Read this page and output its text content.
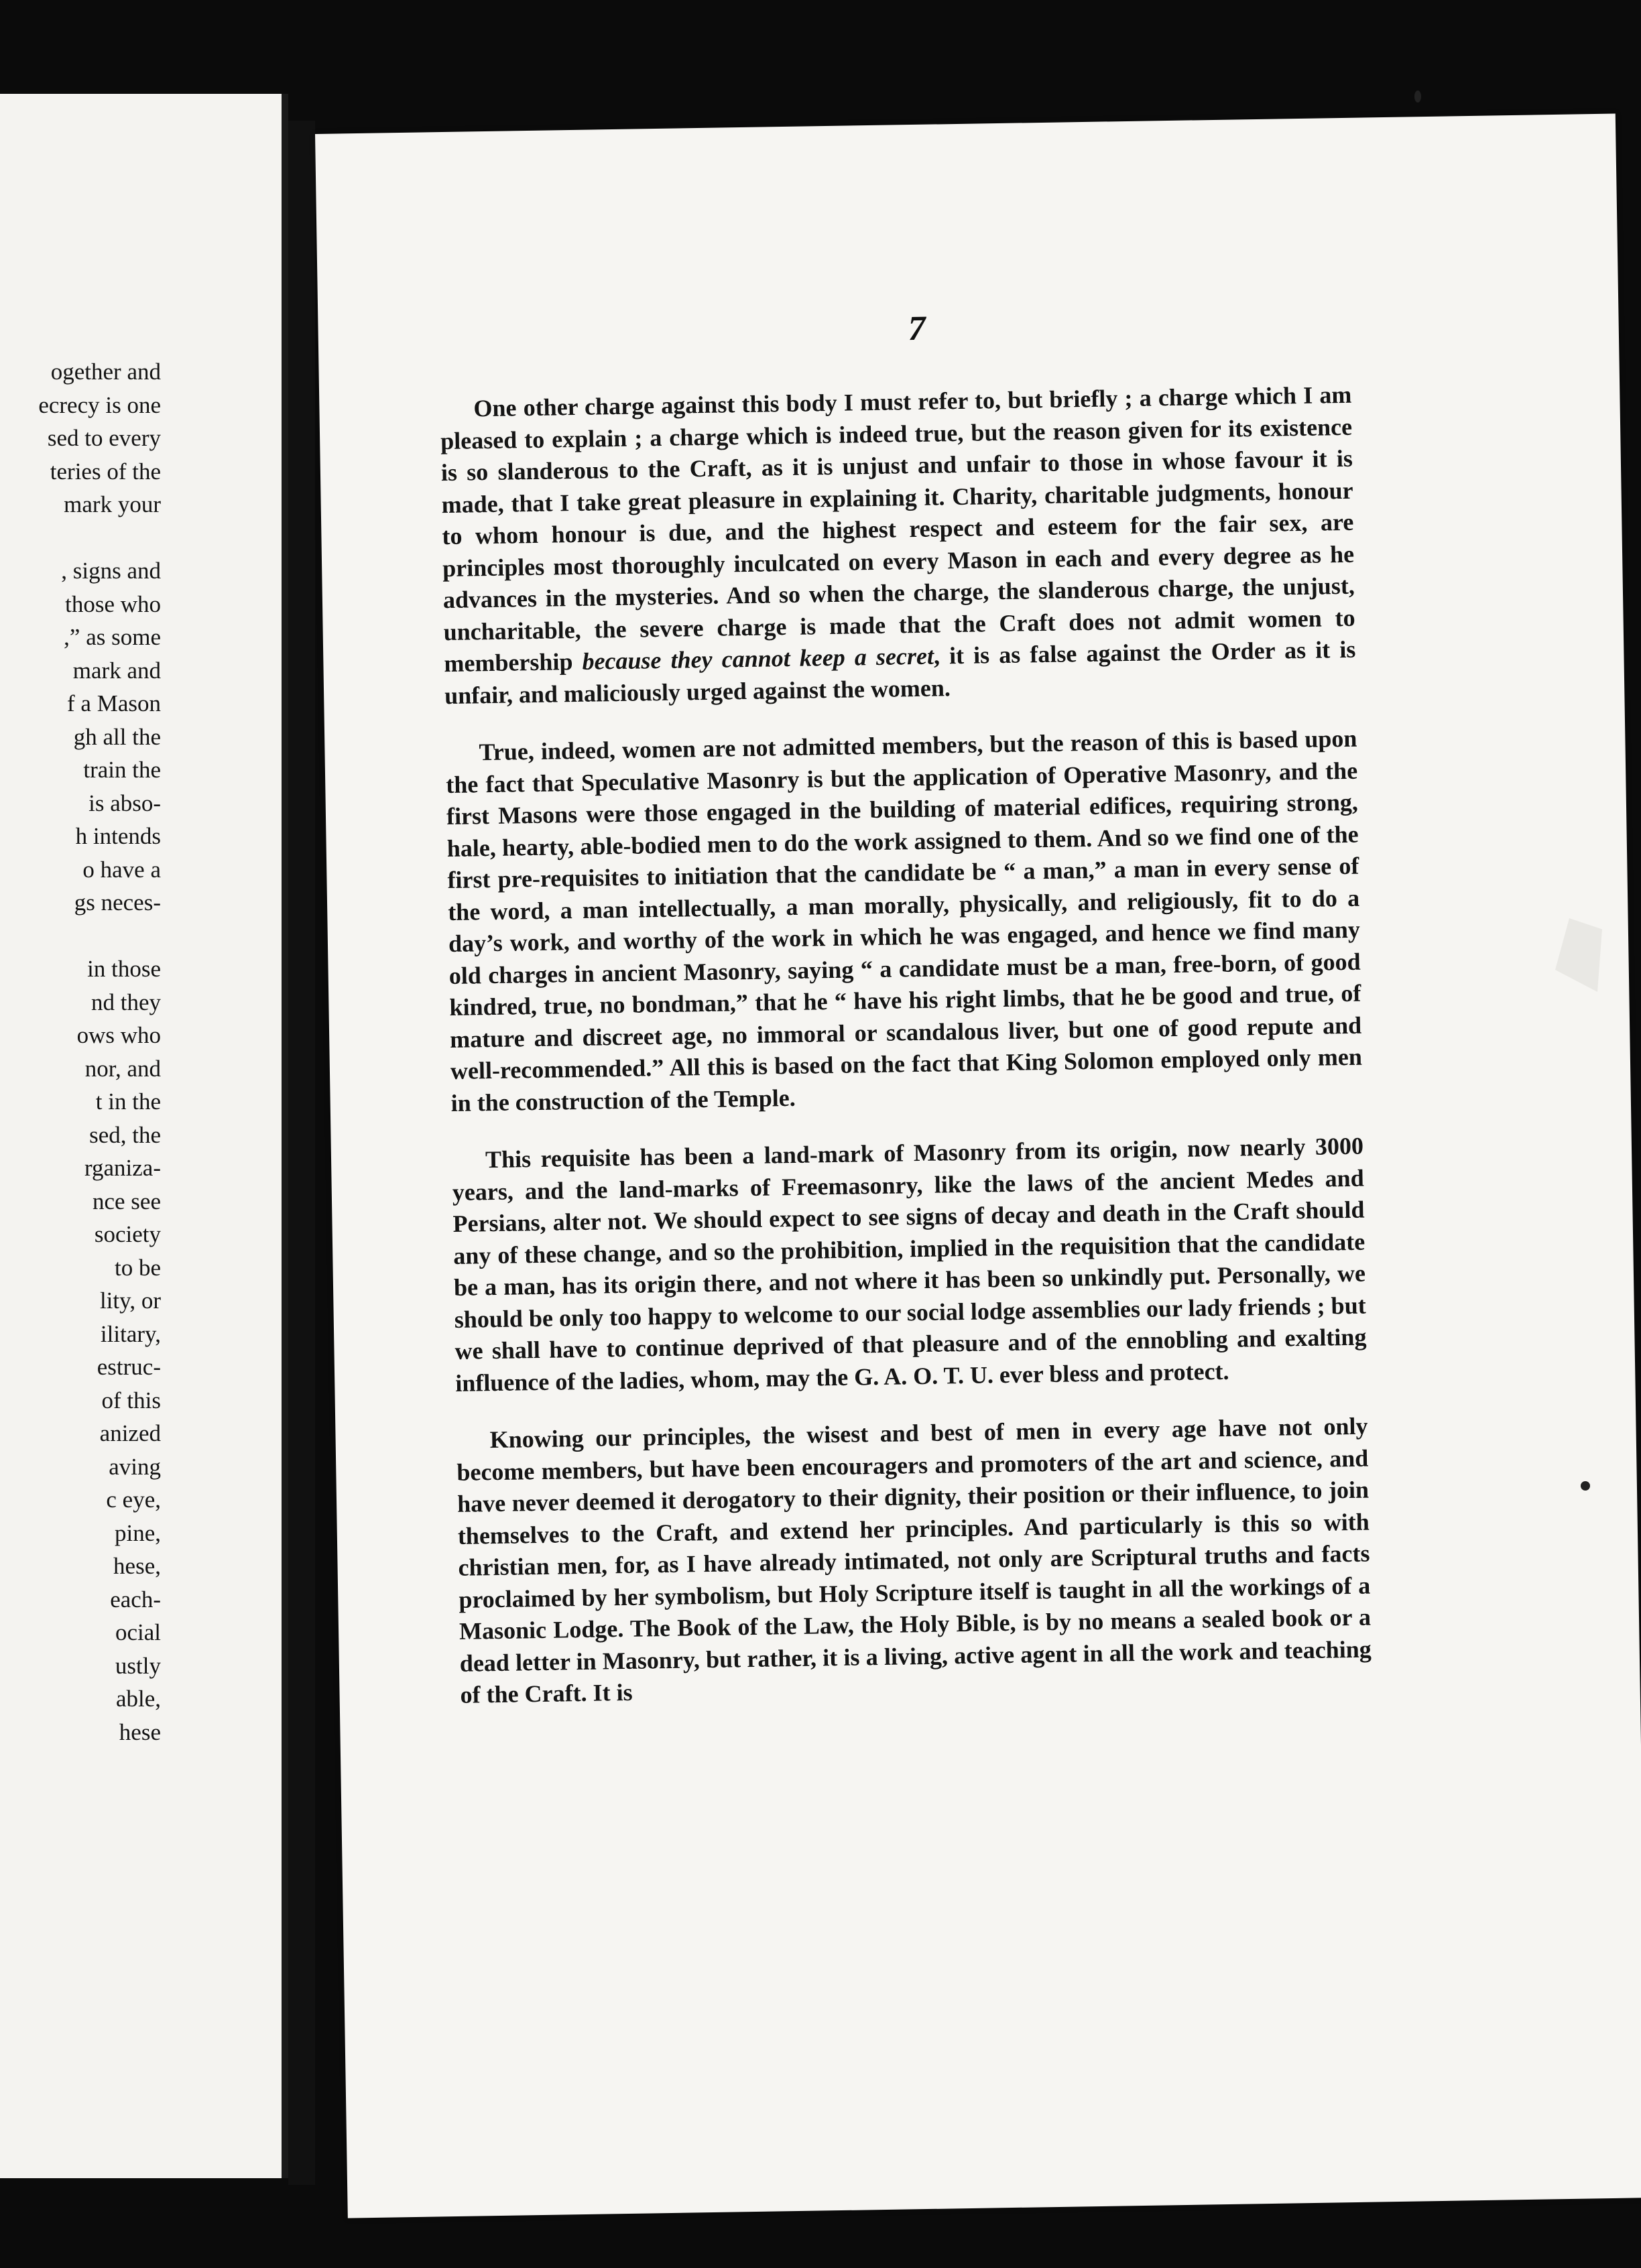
ogether and
ecrecy is one
sed to every
teries of the
mark your
, signs and
those who
,” as some
mark and
f a Mason
gh all the
train the
is abso-
h intends
o have a
gs neces-
in those
nd they
ows who
nor, and
t in the
sed, the
rganiza-
nce see
society
to be
lity, or
ilitary,
estruc-
of this
anized
aving
c eye,
pine,
hese,
each-
ocial
ustly
able,
hese
7

One other charge against this body I must refer to, but briefly ; a charge which I am pleased to explain ; a charge which is indeed true, but the reason given for its existence is so slanderous to the Craft, as it is unjust and unfair to those in whose favour it is made, that I take great pleasure in explaining it. Charity, charitable judgments, honour to whom honour is due, and the highest respect and esteem for the fair sex, are principles most thoroughly inculcated on every Mason in each and every degree as he advances in the mysteries. And so when the charge, the slanderous charge, the unjust, uncharitable, the severe charge is made that the Craft does not admit women to membership because they cannot keep a secret, it is as false against the Order as it is unfair, and maliciously urged against the women.

True, indeed, women are not admitted members, but the reason of this is based upon the fact that Speculative Masonry is but the application of Operative Masonry, and the first Masons were those engaged in the building of material edifices, requiring strong, hale, hearty, able-bodied men to do the work assigned to them. And so we find one of the first pre-requisites to initiation that the candidate be “ a man,” a man in every sense of the word, a man intellectually, a man morally, physically, and religiously, fit to do a day’s work, and worthy of the work in which he was engaged, and hence we find many old charges in ancient Masonry, saying “ a candidate must be a man, free-born, of good kindred, true, no bondman,” that he “ have his right limbs, that he be good and true, of mature and discreet age, no immoral or scandalous liver, but one of good repute and well-recommended.” All this is based on the fact that King Solomon employed only men in the construction of the Temple.

This requisite has been a land-mark of Masonry from its origin, now nearly 3000 years, and the land-marks of Freemasonry, like the laws of the ancient Medes and Persians, alter not. We should expect to see signs of decay and death in the Craft should any of these change, and so the prohibition, implied in the requisition that the candidate be a man, has its origin there, and not where it has been so unkindly put. Personally, we should be only too happy to welcome to our social lodge assemblies our lady friends ; but we shall have to continue deprived of that pleasure and of the ennobling and exalting influence of the ladies, whom, may the G. A. O. T. U. ever bless and protect.

Knowing our principles, the wisest and best of men in every age have not only become members, but have been encouragers and promoters of the art and science, and have never deemed it derogatory to their dignity, their position or their influence, to join themselves to the Craft, and extend her principles. And particularly is this so with christian men, for, as I have already intimated, not only are Scriptural truths and facts proclaimed by her symbolism, but Holy Scripture itself is taught in all the workings of a Masonic Lodge. The Book of the Law, the Holy Bible, is by no means a sealed book or a dead letter in Masonry, but rather, it is a living, active agent in all the work and teaching of the Craft. It is
